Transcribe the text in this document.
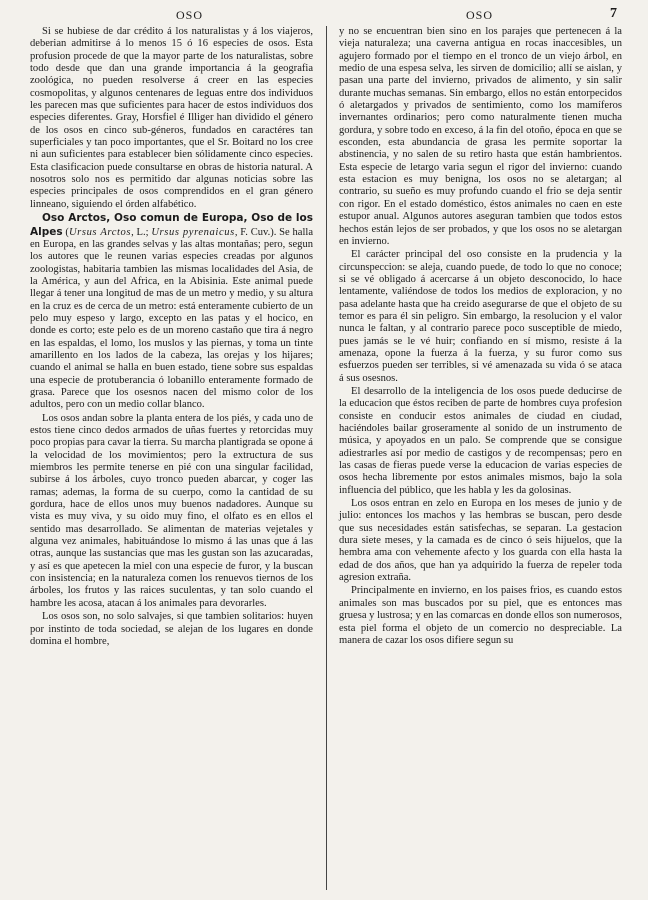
OSO	OSO	7

Si se hubiese de dar crédito á los naturalistas y á los viajeros, deberian admitirse á lo menos 15 ó 16 especies de osos. Esta profusion procede de que la mayor parte de los naturalistas, sobre todo desde que dan una grande importancia á la geografia zoológica, no pueden resolverse á creer en las especies cosmopolitas, y algunos centenares de leguas entre dos individuos les parecen mas que suficientes para hacer de estos individuos dos especies diferentes. Gray, Horsfiel é Illiger han dividido el género de los osos en cinco sub-géneros, fundados en caractéres tan superficiales y tan poco importantes, que el Sr. Boitard no los cree ni aun suficientes para establecer bien sólidamente cinco especies. Esta clasificacion puede consultarse en obras de historia natural. A nosotros solo nos es permitido dar algunas noticias sobre las especies principales de osos comprendidos en el gran género linneano, siguiendo el órden alfabético.

Oso Arctos, Oso comun de Europa, Oso de los Alpes (Ursus Arctos, L.; Ursus pyrenaicus, F. Cuv.). Se halla en Europa, en las grandes selvas y las altas montañas; pero, segun los autores que le reunen varias especies creadas por algunos zoologistas, habitaria tambien las mismas localidades del Asia, de la América, y aun del Africa, en la Abisinia. Este animal puede llegar á tener una longitud de mas de un metro y medio, y su altura en la cruz es de cerca de un metro: está enteramente cubierto de un pelo muy espeso y largo, excepto en las patas y el hocico, en donde es corto; este pelo es de un moreno castaño que tira á negro en las espaldas, el lomo, los muslos y las piernas, y toma un tinte amarillento en los lados de la cabeza, las orejas y los hijares; cuando el animal se halla en buen estado, tiene sobre sus espaldas una especie de protuberancia ó lobanillo enteramente formado de grasa. Parece que los osesnos nacen del mismo color de los adultos, pero con un medio collar blanco.

Los osos andan sobre la planta entera de los piés, y cada uno de estos tiene cinco dedos armados de uñas fuertes y retorcidas muy poco propias para cavar la tierra. Su marcha plantigrada se opone á la velocidad de los movimientos; pero la extructura de sus miembros les permite tenerse en pié con una singular facilidad, subirse á los árboles, cuyo tronco pueden abarcar, y coger las ramas; ademas, la forma de su cuerpo, como la cantidad de su gordura, hace de ellos unos muy buenos nadadores. Aunque su vista es muy viva, y su oido muy fino, el olfato es en ellos el sentido mas desarrollado. Se alimentan de materias vejetales y alguna vez animales, habituándose lo mismo á las unas que á las otras, aunque las sustancias que mas les gustan son las azucaradas, y así es que apetecen la miel con una especie de furor, y la buscan con insistencia; en la naturaleza comen los renuevos tiernos de los árboles, los frutos y las raices suculentas, y tan solo cuando el hambre les acosa, atacan á los animales para devorarles.

Los osos son, no solo salvajes, si que tambien solitarios: huyen por instinto de toda sociedad, se alejan de los lugares en donde domina el hombre,

y no se encuentran bien sino en los parajes que pertenecen á la vieja naturaleza; una caverna antigua en rocas inaccesibles, un agujero formado por el tiempo en el tronco de un viejo árbol, en medio de una espesa selva, les sirven de domicilio; allí se aislan, y pasan una parte del invierno, privados de alimento, y sin salir durante muchas semanas. Sin embargo, ellos no están entorpecidos ó aletargados y privados de sentimiento, como los mamíferos invernantes ordinarios; pero como naturalmente tienen mucha gordura, y sobre todo en exceso, á la fin del otoño, época en que se esconden, esta abundancia de grasa les permite soportar la abstinencia, y no salen de su retiro hasta que están hambrientos. Esta especie de letargo varia segun el rigor del invierno: cuando esta estacion es muy benigna, los osos no se aletargan; al contrario, su sueño es muy profundo cuando el frio se deja sentir con rigor. En el estado doméstico, éstos animales no caen en este estupor anual. Algunos autores aseguran tambien que todos estos hechos están lejos de ser probados, y que los osos no se aletargan en invierno.

El carácter principal del oso consiste en la prudencia y la circunspeccion: se aleja, cuando puede, de todo lo que no conoce; si se vé obligado á acercarse á un objeto desconocido, lo hace lentamente, valiéndose de todos los medios de exploracion, y no pasa adelante hasta que ha creido asegurarse de que el objeto de su temor es para él sin peligro. Sin embargo, la resolucion y el valor nunca le faltan, y al contrario parece poco susceptible de miedo, pues jamás se le vé huir; confiando en sí mismo, resiste á la amenaza, opone la fuerza á la fuerza, y su furor como sus esfuerzos pueden ser terribles, si vé amenazada su vida ó se ataca á sus osesnos.

El desarrollo de la inteligencia de los osos puede deducirse de la educacion que éstos reciben de parte de hombres cuya profesion consiste en conducir estos animales de ciudad en ciudad, haciéndoles bailar groseramente al sonido de un instrumento de música, y apoyados en un palo. Se comprende que se consigue adiestrarles así por medio de castigos y de recompensas; pero en las casas de fieras puede verse la educacion de varias especies de osos hecha libremente por estos animales mismos, bajo la sola influencia del público, que les habla y les da golosinas.

Los osos entran en zelo en Europa en los meses de junio y de julio: entonces los machos y las hembras se buscan, pero desde que sus necesidades están satisfechas, se separan. La gestacion dura siete meses, y la camada es de cinco ó seis hijuelos, que la hembra ama con vehemente afecto y los guarda con ella hasta la edad de dos años, que han ya adquirido la fuerza de repeler toda agresion extraña.

Principalmente en invierno, en los paises frios, es cuando estos animales son mas buscados por su piel, que es entonces mas gruesa y lustrosa; y en las comarcas en donde ellos son numerosos, esta piel forma el objeto de un comercio no despreciable. La manera de cazar los osos difiere segun su
